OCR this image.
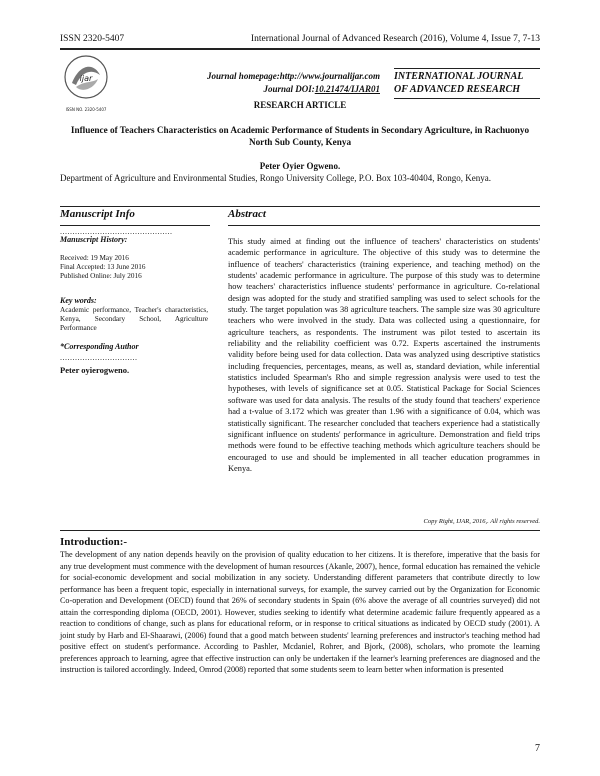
ISSN 2320-5407	International Journal of Advanced Research (2016), Volume 4, Issue 7, 7-13
ijar
ISSN NO. 2320-5407
Journal homepage:http://www.journalijar.com
Journal DOI:10.21474/IJAR01
INTERNATIONAL JOURNAL
OF ADVANCED RESEARCH
RESEARCH ARTICLE
Influence of Teachers Characteristics on Academic Performance of Students in Secondary Agriculture, in Rachuonyo North Sub County, Kenya
Peter Oyier Ogweno.
Department of Agriculture and Environmental Studies, Rongo University College, P.O. Box 103-40404, Rongo, Kenya.
Manuscript Info	Abstract
.............................................
Manuscript History:
Received: 19 May 2016
Final Accepted: 13 June 2016
Published Online: July 2016
Key words:
Academic performance, Teacher's characteristics, Kenya, Secondary School, Agriculture Performance
*Corresponding Author
...............................
Peter oyierogweno.
This study aimed at finding out the influence of teachers' characteristics on students' academic performance in agriculture. The objective of this study was to determine the influence of teachers' characteristics (training experience, and teaching method) on the students' academic performance in agriculture. The purpose of this study was to determine how teachers' characteristics influence students' performance in agriculture. Co-relational design was adopted for the study and stratified sampling was used to select schools for the study. The target population was 38 agriculture teachers. The sample size was 30 agriculture teachers who were involved in the study. Data was collected using a questionnaire, for agriculture teachers, as respondents. The instrument was pilot tested to ascertain its reliability and the reliability coefficient was 0.72. Experts ascertained the instruments validity before being used for data collection. Data was analyzed using descriptive statistics including frequencies, percentages, means, as well as, standard deviation, while inferential statistics included Spearman's Rho and simple regression analysis were used to test the hypotheses, with levels of significance set at 0.05. Statistical Package for Social Sciences software was used for data analysis. The results of the study found that teachers' experience had a t-value of 3.172 which was greater than 1.96 with a significance of 0.04, which was statistically significant. The researcher concluded that teachers experience had a statistically significant influence on students' performance in agriculture. Demonstration and field trips methods were found to be effective teaching methods which agriculture teachers should be encouraged to use and should be implemented in all teacher education programmes in Kenya.
Copy Right, IJAR, 2016,. All rights reserved.
Introduction:-
The development of any nation depends heavily on the provision of quality education to her citizens. It is therefore, imperative that the basis for any true development must commence with the development of human resources (Akanle, 2007), hence, formal education has remained the vehicle for social-economic development and social mobilization in any society. Understanding different parameters that contribute directly to low performance has been a frequent topic, especially in international surveys, for example, the survey carried out by the Organization for Economic Co-operation and Development (OECD) found that 26% of secondary students in Spain (6% above the average of all countries surveyed) did not attain the corresponding diploma (OECD, 2001). However, studies seeking to identify what determine academic failure frequently appeared as a reaction to conditions of change, such as plans for educational reform, or in response to critical situations as indicated by OECD study (2001). A joint study by Harb and El-Shaarawi, (2006) found that a good match between students' learning preferences and instructor's teaching method had positive effect on student's performance. According to Pashler, Mcdaniel, Rohrer, and Bjork, (2008), scholars, who promote the learning preferences approach to learning, agree that effective instruction can only be undertaken if the learner's learning preferences are diagnosed and the instruction is tailored accordingly. Indeed, Omrod (2008) reported that some students seem to learn better when information is presented
7
